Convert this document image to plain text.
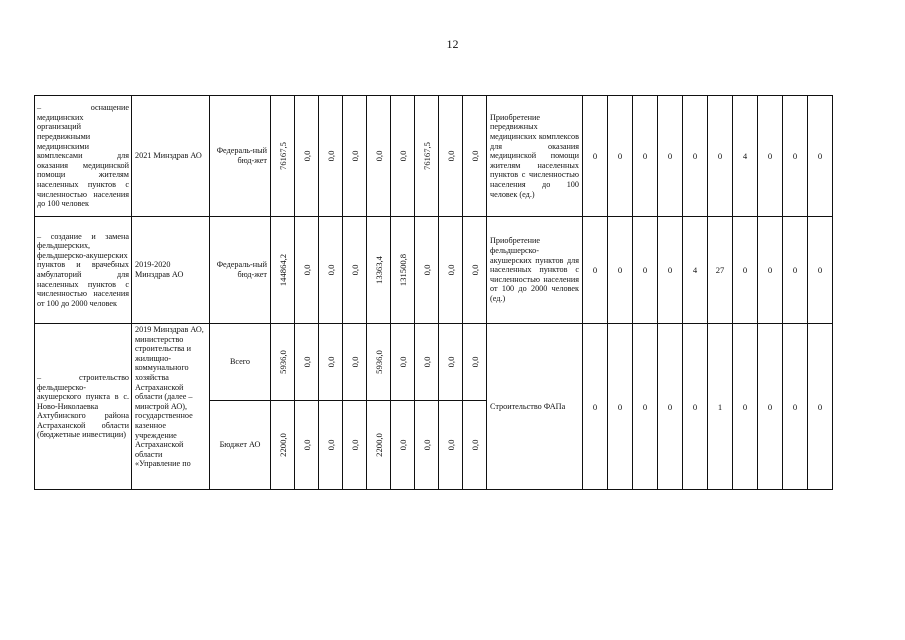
12
– оснащение медицинских организаций передвижными медицинскими комплексами для оказания медицинской помощи жителям населенных пунктов с численностью населения до 100 человек	2021 Минздрав АО	Федераль-ный бюд-жет	76167,5	0,0	0,0	0,0	0,0	0,0	76167,5	0,0	0,0	Приобретение передвижных медицинских комплексов для оказания медицинской помощи жителям населенных пунктов с численностью населения до 100 человек (ед.)	0	0	0	0	0	0	4	0	0	0
– создание и замена фельдшерских, фельдшерско-акушерских пунктов и врачебных амбулаторий для населенных пунктов с численностью населения от 100 до 2000 человек	2019-2020 Минздрав АО	Федераль-ный бюд-жет	144864,2	0,0	0,0	0,0	13363,4	131500,8	0,0	0,0	0,0	Приобретение фельдшерско-акушерских пунктов для населенных пунктов с численностью населения от 100 до 2000 человек (ед.)	0	0	0	0	4	27	0	0	0	0
– строительство фельдшерско-акушерского пункта в с. Ново-Николаевка Ахтубинского района Астраханской области (бюджетные инвестиции)	2019 Минздрав АО, министерство строительства и жилищно-коммунального хозяйства Астраханской области (далее – минстрой АО), государственное казенное учреждение Астраханской области «Управление по	Всего	5936,0	0,0	0,0	0,0	5936,0	0,0	0,0	0,0	0,0	Строительство ФАПа	0	0	0	0	0	1	0	0	0	0
		Бюджет АО	2200,0	0,0	0,0	0,0	2200,0	0,0	0,0	0,0	0,0											
